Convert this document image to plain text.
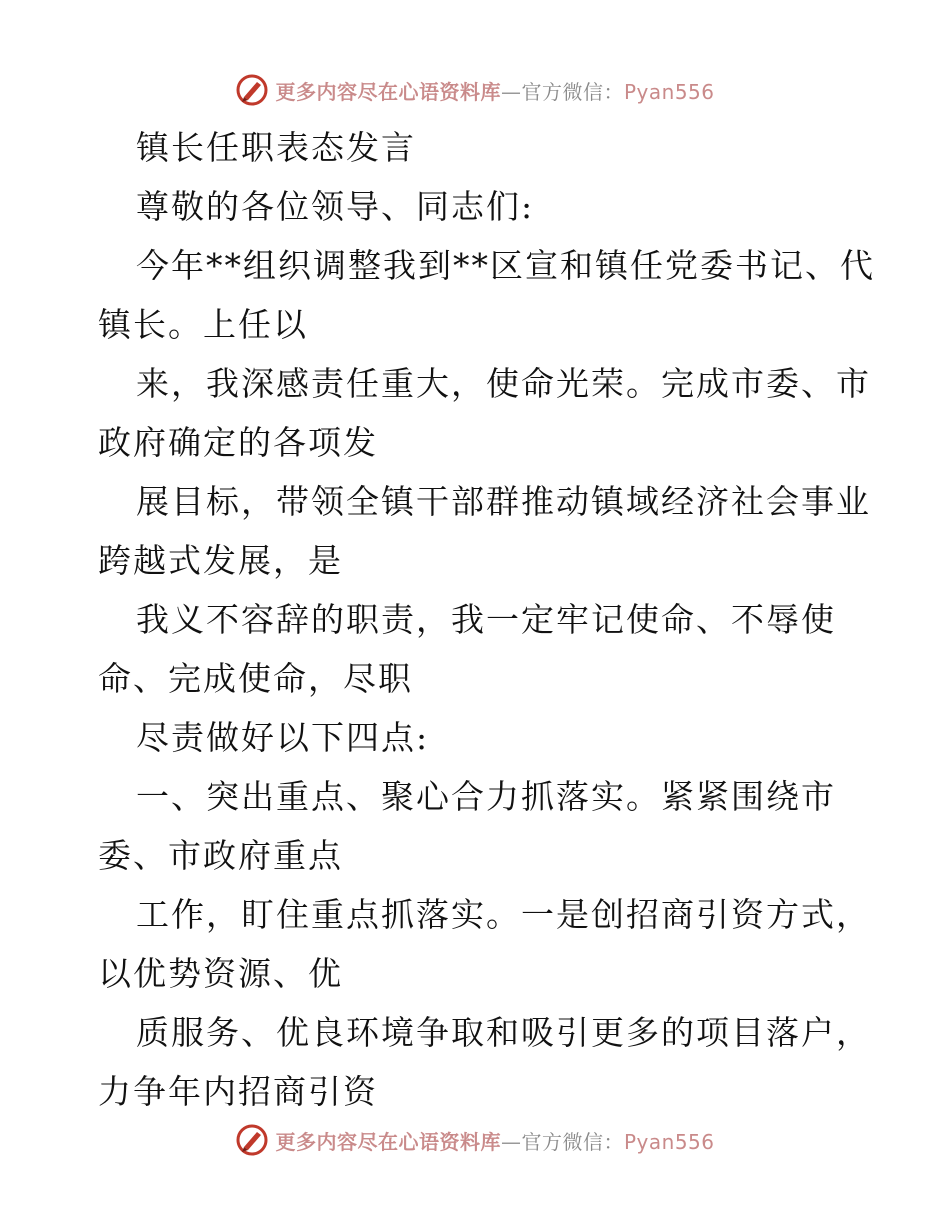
更多内容尽在心语资料库—官方微信：Pyan556
镇长任职表态发言
尊敬的各位领导、同志们:
今年**组织调整我到**区宣和镇任党委书记、代
镇长。上任以
来，我深感责任重大，使命光荣。完成市委、市
政府确定的各项发
展目标，带领全镇干部群推动镇域经济社会事业
跨越式发展，是
我义不容辞的职责，我一定牢记使命、不辱使
命、完成使命，尽职
尽责做好以下四点:
一、突出重点、聚心合力抓落实。紧紧围绕市
委、市政府重点
工作，盯住重点抓落实。一是创招商引资方式，
以优势资源、优
质服务、优良环境争取和吸引更多的项目落户，
力争年内招商引资
更多内容尽在心语资料库—官方微信：Pyan556
